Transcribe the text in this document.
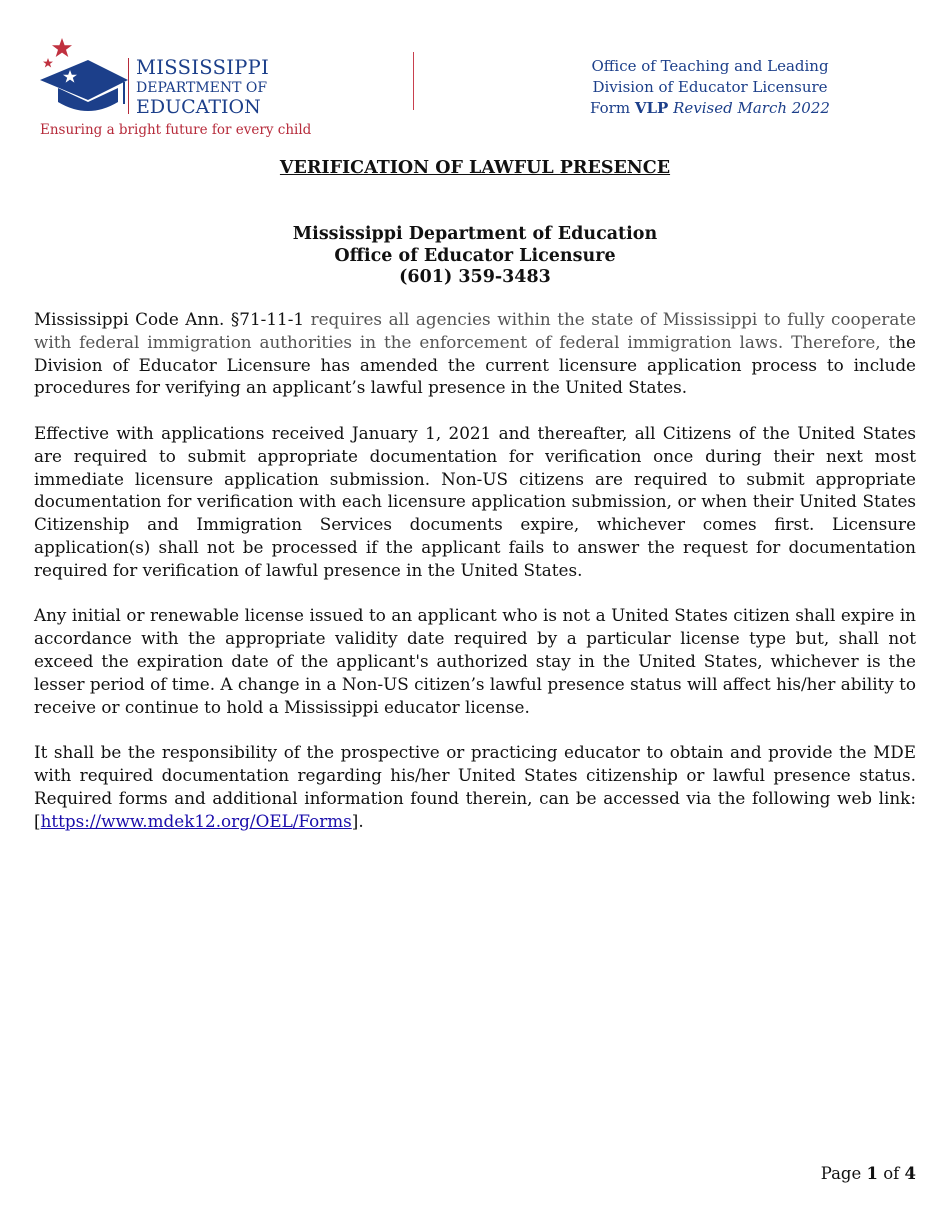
MISSISSIPPI
DEPARTMENT OF
EDUCATION
Ensuring a bright future for every child
Office of Teaching and Leading
Division of Educator Licensure
Form VLP Revised March 2022
VERIFICATION OF LAWFUL PRESENCE
Mississippi Department of Education
Office of Educator Licensure
(601) 359-3483

Mississippi Code Ann. §71-11-1 requires all agencies within the state of Mississippi to fully cooperate with federal immigration authorities in the enforcement of federal immigration laws. Therefore, the Division of Educator Licensure has amended the current licensure application process to include procedures for verifying an applicant’s lawful presence in the United States.

Effective with applications received January 1, 2021 and thereafter, all Citizens of the United States are required to submit appropriate documentation for verification once during their next most immediate licensure application submission. Non-US citizens are required to submit appropriate documentation for verification with each licensure application submission, or when their United States Citizenship and Immigration Services documents expire, whichever comes first. Licensure application(s) shall not be processed if the applicant fails to answer the request for documentation required for verification of lawful presence in the United States.

Any initial or renewable license issued to an applicant who is not a United States citizen shall expire in accordance with the appropriate validity date required by a particular license type but, shall not exceed the expiration date of the applicant's authorized stay in the United States, whichever is the lesser period of time. A change in a Non-US citizen’s lawful presence status will affect his/her ability to receive or continue to hold a Mississippi educator license.

It shall be the responsibility of the prospective or practicing educator to obtain and provide the MDE with required documentation regarding his/her United States citizenship or lawful presence status. Required forms and additional information found therein, can be accessed via the following web link: [https://www.mdek12.org/OEL/Forms].

Page 1 of 4
